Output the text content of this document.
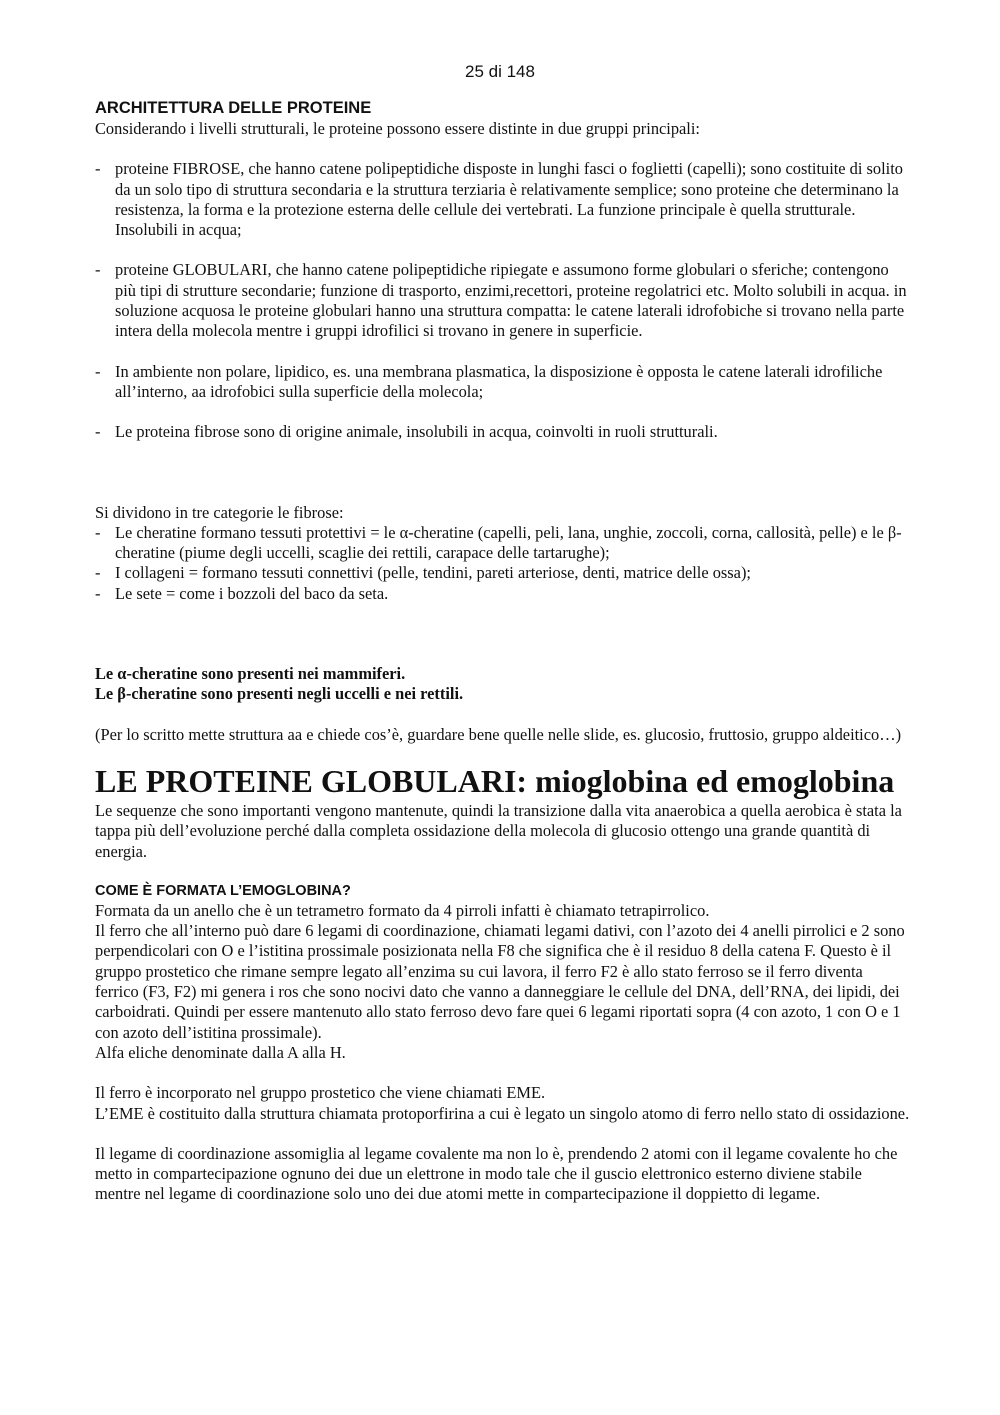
25 di 148
ARCHITETTURA DELLE PROTEINE

Considerando i livelli strutturali, le proteine possono essere distinte in due gruppi principali:

- proteine FIBROSE, che hanno catene polipeptidiche disposte in lunghi fasci o foglietti (capelli); sono costituite di solito da un solo tipo di struttura secondaria e la struttura terziaria è relativamente semplice; sono proteine che determinano la resistenza, la forma e la protezione esterna delle cellule dei vertebrati. La funzione principale è quella strutturale. Insolubili in acqua;
- proteine GLOBULARI, che hanno catene polipeptidiche ripiegate e assumono forme globulari o sferiche; contengono più tipi di strutture secondarie; funzione di trasporto, enzimi,recettori, proteine regolatrici etc. Molto solubili in acqua. in soluzione acquosa le proteine globulari hanno una struttura compatta: le catene laterali idrofobiche si trovano nella parte intera della molecola mentre i gruppi idrofilici si trovano in genere in superficie.
- In ambiente non polare, lipidico, es. una membrana plasmatica, la disposizione è opposta le catene laterali idrofiliche all’interno, aa idrofobici sulla superficie della molecola;
- Le proteina fibrose sono di origine animale, insolubili in acqua, coinvolti in ruoli strutturali.

Si dividono in tre categorie le fibrose:

- Le cheratine formano tessuti protettivi = le α-cheratine (capelli, peli, lana, unghie, zoccoli, corna, callosità, pelle) e le β-cheratine (piume degli uccelli, scaglie dei rettili, carapace delle tartarughe);
- I collageni = formano tessuti connettivi (pelle, tendini, pareti arteriose, denti, matrice delle ossa);
- Le sete = come i bozzoli del baco da seta.

Le α-cheratine sono presenti nei mammiferi.

Le β-cheratine sono presenti negli uccelli e nei rettili.

(Per lo scritto mette struttura aa e chiede cos’è, guardare bene quelle nelle slide, es. glucosio, fruttosio, gruppo aldeitico…)

LE PROTEINE GLOBULARI: mioglobina ed emoglobina

Le sequenze che sono importanti vengono mantenute, quindi la transizione dalla vita anaerobica a quella aerobica è stata la tappa più dell’evoluzione perché dalla completa ossidazione della molecola di glucosio ottengo una grande quantità di energia.

COME È FORMATA L’EMOGLOBINA?

Formata da un anello che è un tetrametro formato da 4 pirroli infatti è chiamato tetrapirrolico.

Il ferro che all’interno può dare 6 legami di coordinazione, chiamati legami dativi, con l’azoto dei 4 anelli pirrolici e 2 sono perpendicolari con O e l’istitina prossimale posizionata nella F8 che significa che è il residuo 8 della catena F. Questo è il gruppo prostetico che rimane sempre legato all’enzima su cui lavora, il ferro F2 è allo stato ferroso se il ferro diventa ferrico (F3, F2) mi genera i ros che sono nocivi dato che vanno a danneggiare le cellule del DNA, dell’RNA, dei lipidi, dei carboidrati. Quindi per essere mantenuto allo stato ferroso devo fare quei 6 legami riportati sopra (4 con azoto, 1 con O e 1 con azoto dell’istitina prossimale).

Alfa eliche denominate dalla A alla H.

Il ferro è incorporato nel gruppo prostetico che viene chiamati EME.

L’EME è costituito dalla struttura chiamata protoporfirina a cui è legato un singolo atomo di ferro nello stato di ossidazione.

Il legame di coordinazione assomiglia al legame covalente ma non lo è, prendendo 2 atomi con il legame covalente ho che metto in compartecipazione ognuno dei due un elettrone in modo tale che il guscio elettronico esterno diviene stabile mentre nel legame di coordinazione solo uno dei due atomi mette in compartecipazione il doppietto di legame.
